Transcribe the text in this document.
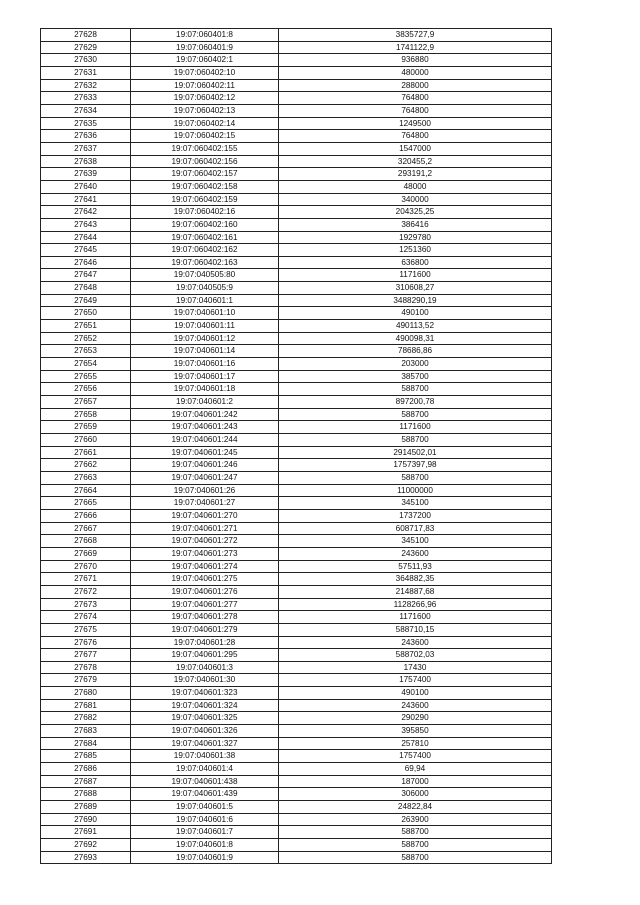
27628	19:07:060401:8	3835727,9
27629	19:07:060401:9	1741122,9
27630	19:07:060402:1	936880
27631	19:07:060402:10	480000
27632	19:07:060402:11	288000
27633	19:07:060402:12	764800
27634	19:07:060402:13	764800
27635	19:07:060402:14	1249500
27636	19:07:060402:15	764800
27637	19:07:060402:155	1547000
27638	19:07:060402:156	320455,2
27639	19:07:060402:157	293191,2
27640	19:07:060402:158	48000
27641	19:07:060402:159	340000
27642	19:07:060402:16	204325,25
27643	19:07:060402:160	386416
27644	19:07:060402:161	1929780
27645	19:07:060402:162	1251360
27646	19:07:060402:163	636800
27647	19:07:040505:80	1171600
27648	19:07:040505:9	310608,27
27649	19:07:040601:1	3488290,19
27650	19:07:040601:10	490100
27651	19:07:040601:11	490113,52
27652	19:07:040601:12	490098,31
27653	19:07:040601:14	78686,86
27654	19:07:040601:16	203000
27655	19:07:040601:17	385700
27656	19:07:040601:18	588700
27657	19:07:040601:2	897200,78
27658	19:07:040601:242	588700
27659	19:07:040601:243	1171600
27660	19:07:040601:244	588700
27661	19:07:040601:245	2914502,01
27662	19:07:040601:246	1757397,98
27663	19:07:040601:247	588700
27664	19:07:040601:26	11000000
27665	19:07:040601:27	345100
27666	19:07:040601:270	1737200
27667	19:07:040601:271	608717,83
27668	19:07:040601:272	345100
27669	19:07:040601:273	243600
27670	19:07:040601:274	57511,93
27671	19:07:040601:275	364882,35
27672	19:07:040601:276	214887,68
27673	19:07:040601:277	1128266,96
27674	19:07:040601:278	1171600
27675	19:07:040601:279	588710,15
27676	19:07:040601:28	243600
27677	19:07:040601:295	588702,03
27678	19:07:040601:3	17430
27679	19:07:040601:30	1757400
27680	19:07:040601:323	490100
27681	19:07:040601:324	243600
27682	19:07:040601:325	290290
27683	19:07:040601:326	395850
27684	19:07:040601:327	257810
27685	19:07:040601:38	1757400
27686	19:07:040601:4	69,94
27687	19:07:040601:438	187000
27688	19:07:040601:439	306000
27689	19:07:040601:5	24822,84
27690	19:07:040601:6	263900
27691	19:07:040601:7	588700
27692	19:07:040601:8	588700
27693	19:07:040601:9	588700
